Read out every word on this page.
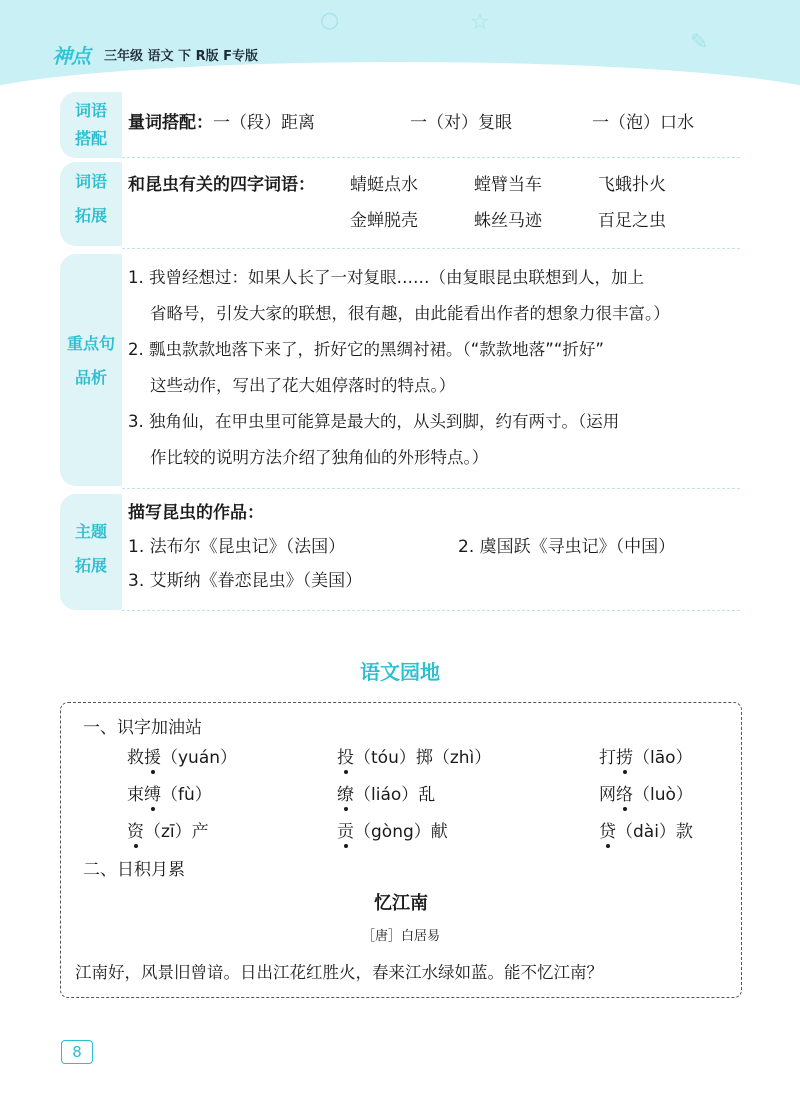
☆
✎
○
神点 三年级 语文 下 R版 F专版
词语
搭配
量词搭配：一（段）距离	一（对）复眼	一（泡）口水
词语
拓展
和昆虫有关的四字词语： 蜻蜓点水	螳臂当车	飞蛾扑火
金蝉脱壳	蛛丝马迹	百足之虫
重点句
品析
1. 我曾经想过：如果人长了一对复眼……（由复眼昆虫联想到人，加上
省略号，引发大家的联想，很有趣，由此能看出作者的想象力很丰富。）
2. 瓢虫款款地落下来了，折好它的黑绸衬裙。（“款款地落”“折好”
这些动作，写出了花大姐停落时的特点。）
3. 独角仙，在甲虫里可能算是最大的，从头到脚，约有两寸。（运用
作比较的说明方法介绍了独角仙的外形特点。）
主题
拓展
描写昆虫的作品：
1. 法布尔《昆虫记》（法国）	2. 虞国跃《寻虫记》（中国）
3. 艾斯纳《眷恋昆虫》（美国）
语文园地
一、识字加油站
救援（yuán）	投（tóu）掷（zhì）	打捞（lāo）
束缚（fù）	缭（liáo）乱	网络（luò）
资（zī）产	贡（gòng）献	贷（dài）款
二、日积月累
忆江南
［唐］白居易
江南好，风景旧曾谙。日出江花红胜火，春来江水绿如蓝。能不忆江南？
8
